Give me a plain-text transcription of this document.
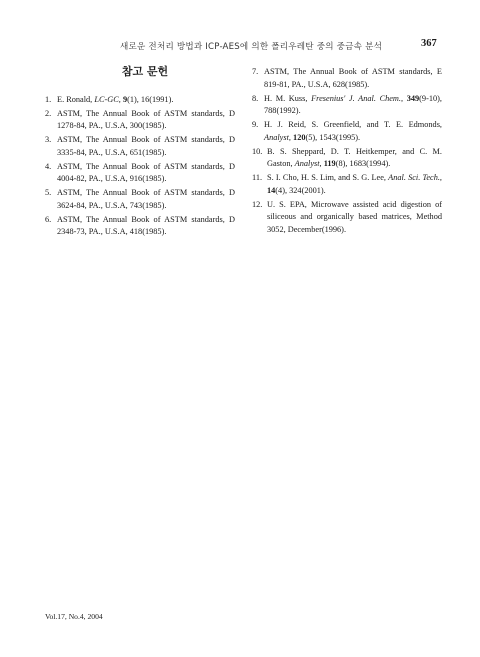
새로운 전처리 방법과 ICP-AES에 의한 폴리우레탄 중의 중금속 분석	367
참고 문헌
1. E. Ronald, LC-GC, 9(1), 16(1991).
2. ASTM, The Annual Book of ASTM standards, D 1278-84, PA., U.S.A, 300(1985).
3. ASTM, The Annual Book of ASTM standards, D 3335-84, PA., U.S.A, 651(1985).
4. ASTM, The Annual Book of ASTM standards, D 4004-82, PA., U.S.A, 916(1985).
5. ASTM, The Annual Book of ASTM standards, D 3624-84, PA., U.S.A, 743(1985).
6. ASTM, The Annual Book of ASTM standards, D 2348-73, PA., U.S.A, 418(1985).
7. ASTM, The Annual Book of ASTM standards, E 819-81, PA., U.S.A, 628(1985).
8. H. M. Kuss, Fresenius' J. Anal. Chem., 349(9-10), 788(1992).
9. H. J. Reid, S. Greenfield, and T. E. Edmonds, Analyst, 120(5), 1543(1995).
10. B. S. Sheppard, D. T. Heitkemper, and C. M. Gaston, Analyst, 119(8), 1683(1994).
11. S. I. Cho, H. S. Lim, and S. G. Lee, Anal. Sci. Tech., 14(4), 324(2001).
12. U. S. EPA, Microwave assisted acid digestion of siliceous and organically based matrices, Method 3052, December(1996).
Vol.17, No.4, 2004
